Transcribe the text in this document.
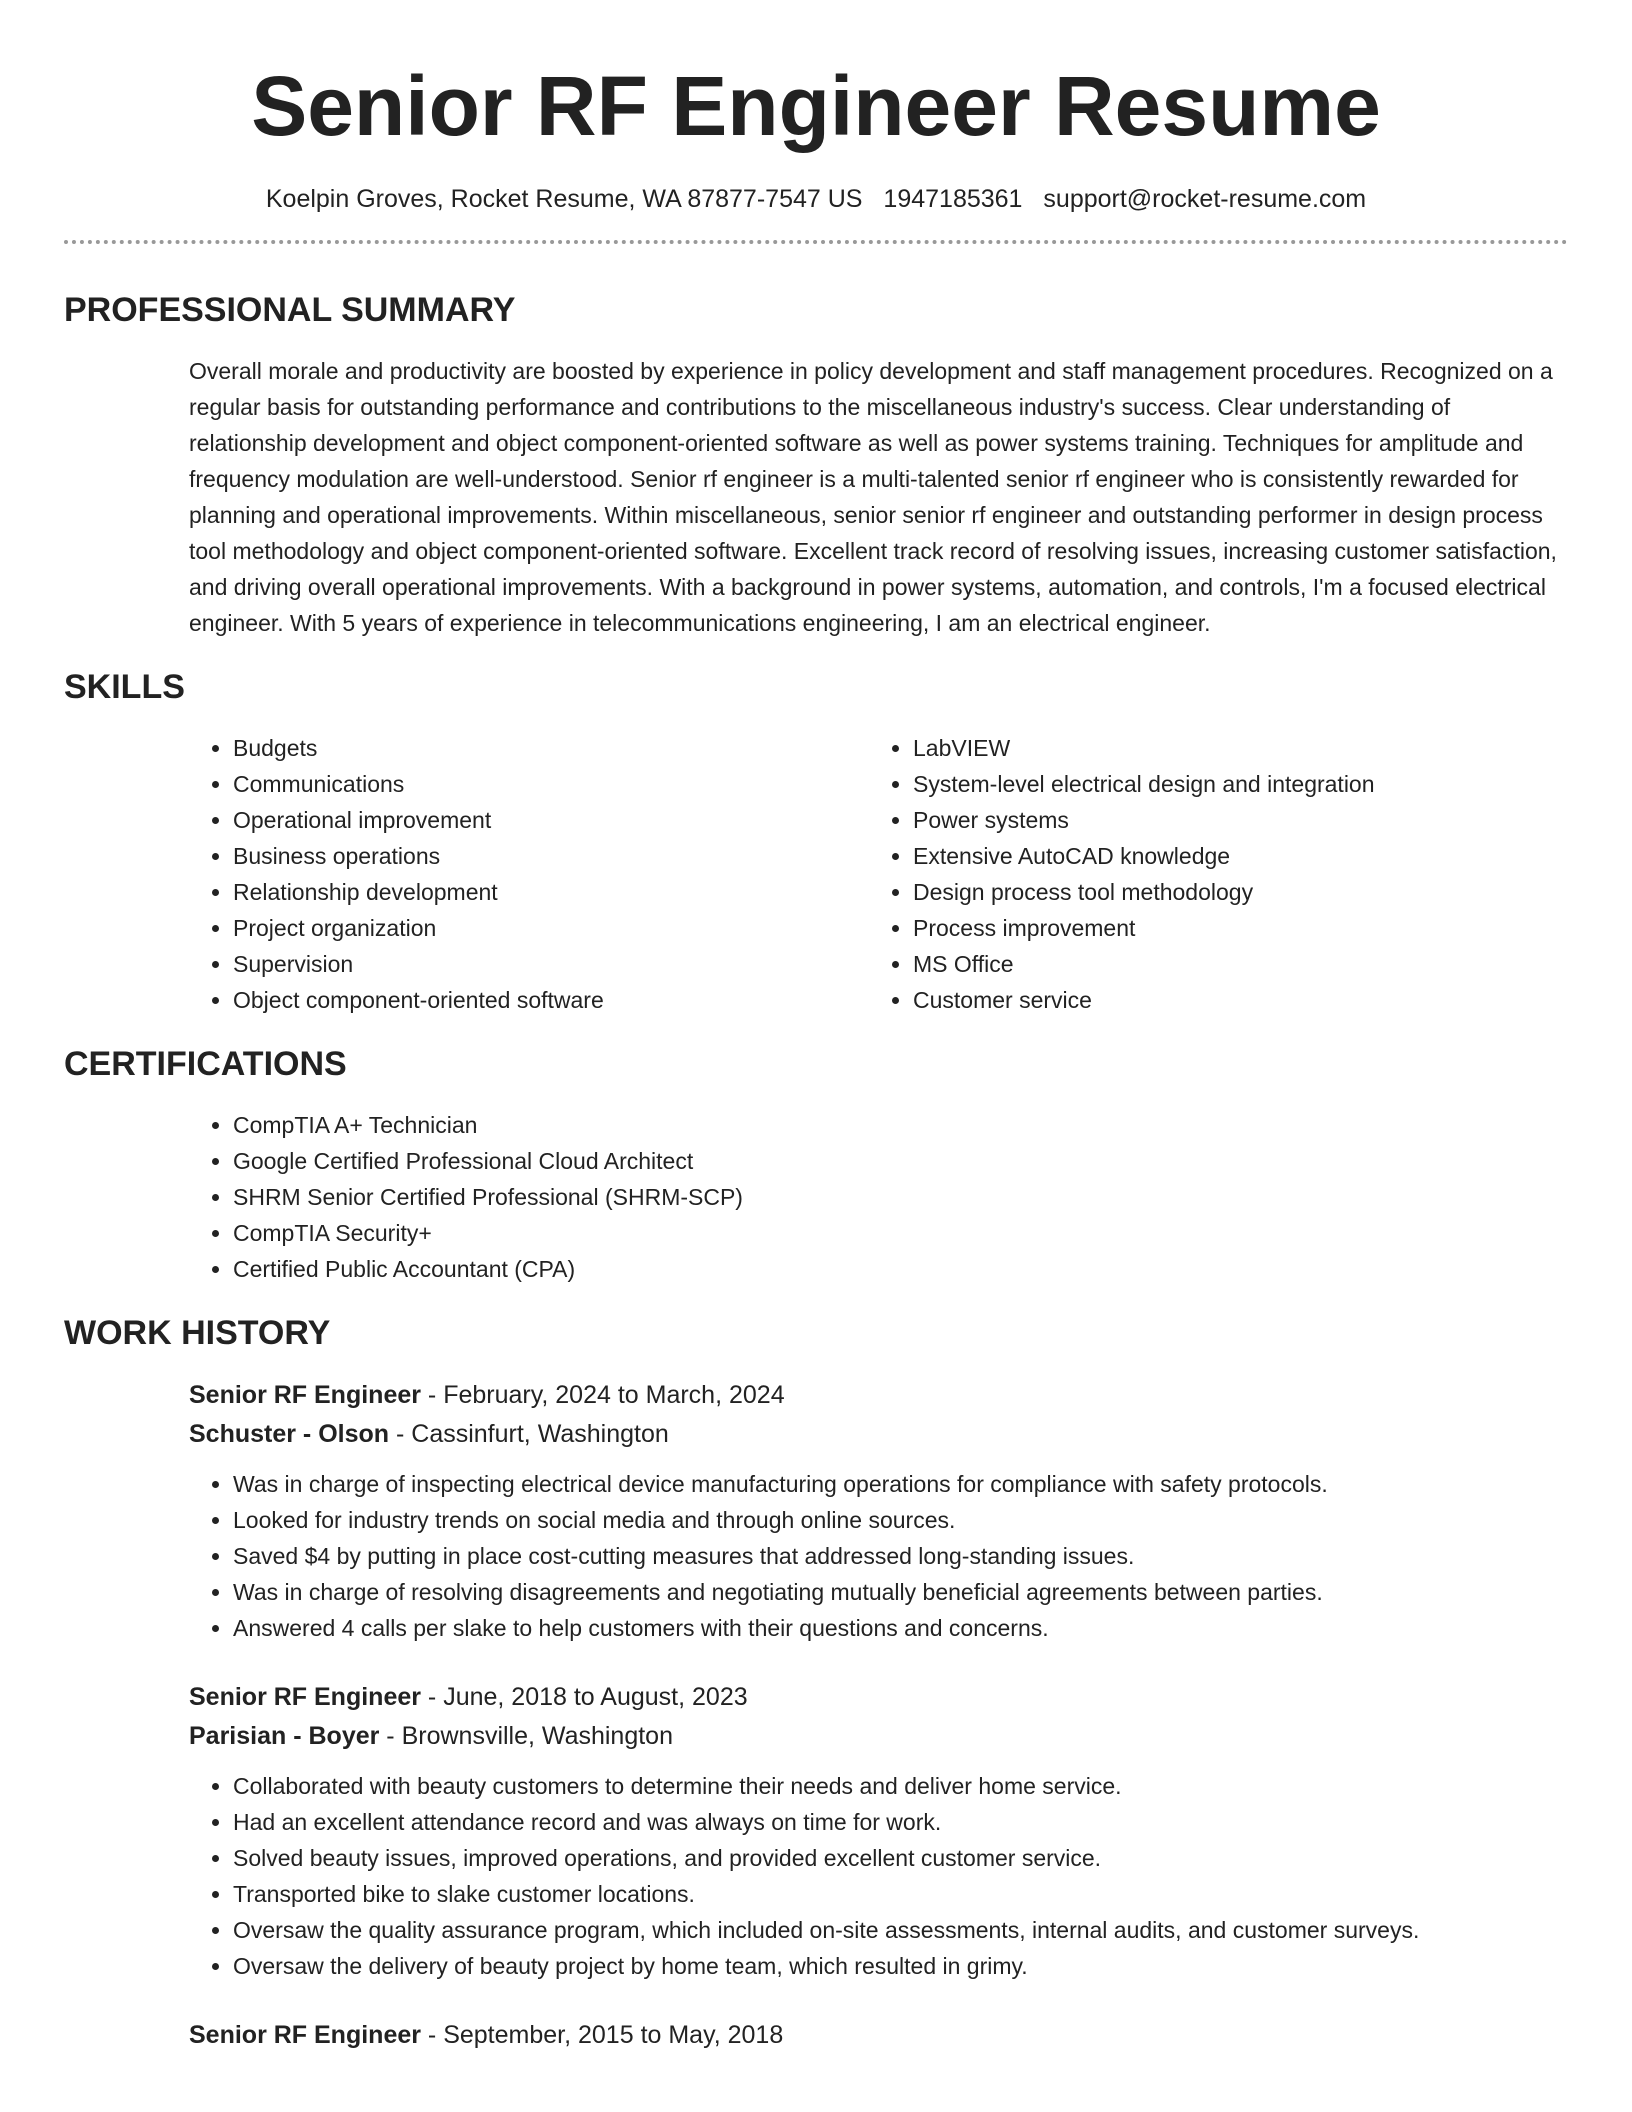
Senior RF Engineer Resume
Koelpin Groves, Rocket Resume, WA 87877-7547 US 1947185361 support@rocket-resume.com
PROFESSIONAL SUMMARY

Overall morale and productivity are boosted by experience in policy development and staff management procedures. Recognized on a regular basis for outstanding performance and contributions to the miscellaneous industry's success. Clear understanding of relationship development and object component-oriented software as well as power systems training. Techniques for amplitude and frequency modulation are well-understood. Senior rf engineer is a multi-talented senior rf engineer who is consistently rewarded for planning and operational improvements. Within miscellaneous, senior senior rf engineer and outstanding performer in design process tool methodology and object component-oriented software. Excellent track record of resolving issues, increasing customer satisfaction, and driving overall operational improvements. With a background in power systems, automation, and controls, I'm a focused electrical engineer. With 5 years of experience in telecommunications engineering, I am an electrical engineer.

SKILLS
• Budgets
• Communications
• Operational improvement
• Business operations
• Relationship development
• Project organization
• Supervision
• Object component-oriented software
• LabVIEW
• System-level electrical design and integration
• Power systems
• Extensive AutoCAD knowledge
• Design process tool methodology
• Process improvement
• MS Office
• Customer service
CERTIFICATIONS
• CompTIA A+ Technician
• Google Certified Professional Cloud Architect
• SHRM Senior Certified Professional (SHRM-SCP)
• CompTIA Security+
• Certified Public Accountant (CPA)
WORK HISTORY
Senior RF Engineer - February, 2024 to March, 2024
Schuster - Olson - Cassinfurt, Washington
• Was in charge of inspecting electrical device manufacturing operations for compliance with safety protocols.
• Looked for industry trends on social media and through online sources.
• Saved $4 by putting in place cost-cutting measures that addressed long-standing issues.
• Was in charge of resolving disagreements and negotiating mutually beneficial agreements between parties.
• Answered 4 calls per slake to help customers with their questions and concerns.
Senior RF Engineer - June, 2018 to August, 2023
Parisian - Boyer - Brownsville, Washington
• Collaborated with beauty customers to determine their needs and deliver home service.
• Had an excellent attendance record and was always on time for work.
• Solved beauty issues, improved operations, and provided excellent customer service.
• Transported bike to slake customer locations.
• Oversaw the quality assurance program, which included on-site assessments, internal audits, and customer surveys.
• Oversaw the delivery of beauty project by home team, which resulted in grimy.
Senior RF Engineer - September, 2015 to May, 2018
